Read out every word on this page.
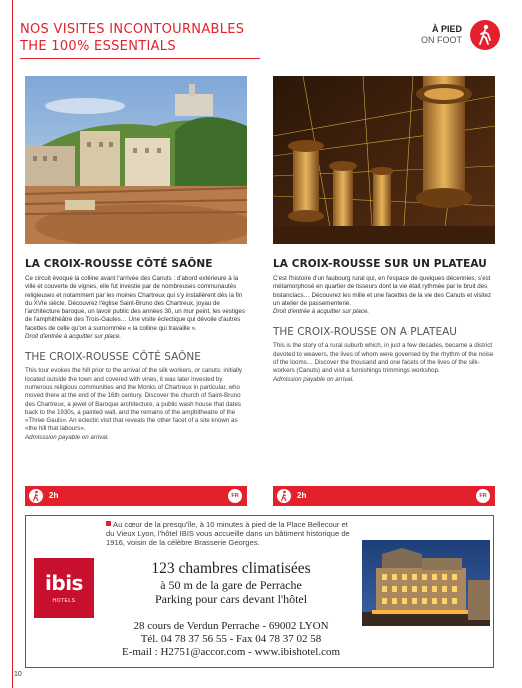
NOS VISITES INCONTOURNABLES
THE 100% ESSENTIALS
À PIED
ON FOOT
LA CROIX-ROUSSE CÔTÉ SAÔNE
Ce circuit évoque la colline avant l'arrivée des Canuts : d'abord extérieure à la ville et couverte de vignes, elle fut investie par de nombreuses communautés religieuses et notamment par les moines Chartreux qui s'y installèrent dès la fin du XVIe siècle. Découvrez l'église Saint-Bruno des Chartreux, joyau de l'architecture baroque, un lavoir public des années 30, un mur peint, les vestiges de l'amphithéâtre des Trois-Gaules… Une visite éclectique qui dévoile d'autres facettes de celle qu'on a surnommée « la colline qui travaille ».
Droit d'entrée à acquitter sur place.
THE CROIX-ROUSSE CÔTÉ SAÔNE
This tour evokes the hill prior to the arrival of the silk workers, or canuts: initially located outside the town and covered with vines, it was later invested by numerous religious communities and the Monks of Chartreux in particular, who moved there at the end of the 16th century. Discover the church of Saint-Bruno des Chartreux, a jewel of Baroque architecture, a public wash house that dates back to the 1930s, a painted wall, and the remains of the amphitheatre of the «Three Gauls». An eclectic visit that reveals the other facet of a site known as «the hill that labours».
Admisssion payable on arrival.
LA CROIX-ROUSSE SUR UN PLATEAU
C'est l'histoire d'un faubourg rural qui, en l'espace de quelques décennies, s'est métamorphosé en quartier de tisseurs dont la vie était rythmée par le bruit des bistanclacs… Découvrez les mille et une facettes de la vie des Canuts et visitez un atelier de passementerie.
Droit d'entrée à acquitter sur place.
THE CROIX-ROUSSE ON A PLATEAU
This is the story of a rural suburb which, in just a few decades, became a district devoted to weavers, the lives of whom were governed by the rhythm of the noise of the looms… Discover the thousand and one facets of the lives of the silk-workers (Canuts) and visit a furnishings trimmings workshop.
Admission payable on arrival.
2h	FR	2h	FR
ibis
HOTELS
Au cœur de la presqu'île, à 10 minutes à pied de la Place Bellecour et du Vieux Lyon, l'hôtel IBIS vous accueille dans un bâtiment historique de 1916, voisin de la célèbre Brasserie Georges.
123 chambres climatisées
à 50 m de la gare de Perrache
Parking pour cars devant l'hôtel
28 cours de Verdun Perrache - 69002 LYON
Tél. 04 78 37 56 55 - Fax 04 78 37 02 58
E-mail : H2751@accor.com - www.ibishotel.com
10
